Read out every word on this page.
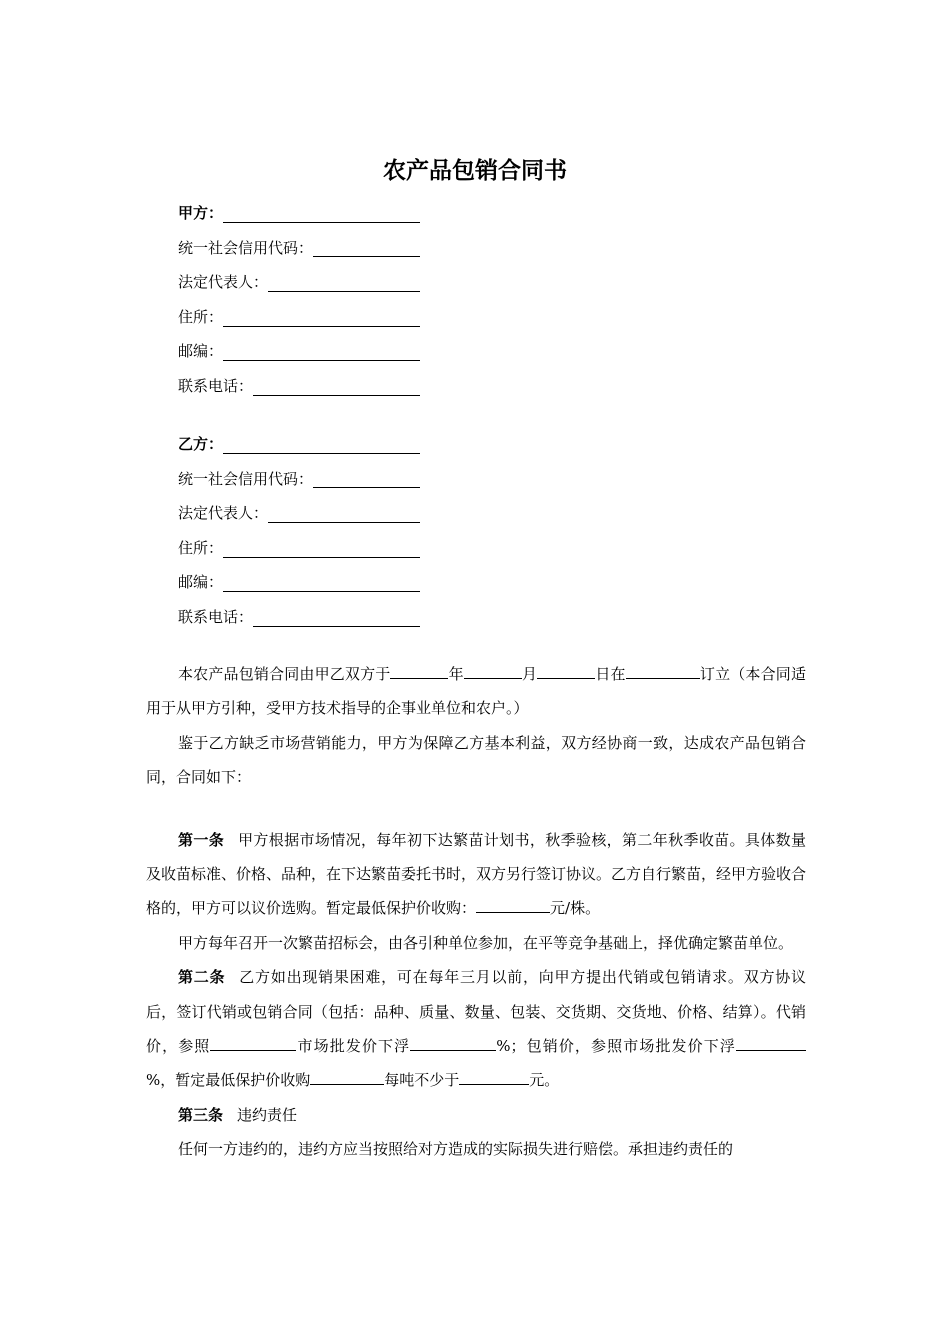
农产品包销合同书
甲方：
统一社会信用代码：
法定代表人：
住所：
邮编：
联系电话：
乙方：
统一社会信用代码：
法定代表人：
住所：
邮编：
联系电话：

本农产品包销合同由甲乙双方于	年	月	日在	订立（本合同适用于从甲方引种，受甲方技术指导的企事业单位和农户。）

鉴于乙方缺乏市场营销能力，甲方为保障乙方基本利益，双方经协商一致，达成农产品包销合同，合同如下：

第一条 甲方根据市场情况，每年初下达繁苗计划书，秋季验核，第二年秋季收苗。具体数量及收苗标准、价格、品种，在下达繁苗委托书时，双方另行签订协议。乙方自行繁苗，经甲方验收合格的，甲方可以议价选购。暂定最低保护价收购：	元/株。

甲方每年召开一次繁苗招标会，由各引种单位参加，在平等竞争基础上，择优确定繁苗单位。

第二条 乙方如出现销果困难，可在每年三月以前，向甲方提出代销或包销请求。双方协议后，签订代销或包销合同（包括：品种、质量、数量、包装、交货期、交货地、价格、结算）。代销价，参照	市场批发价下浮	%；包销价，参照市场批发价下浮%，暂定最低保护价收购	每吨不少于	元。

第三条 违约责任

任何一方违约的，违约方应当按照给对方造成的实际损失进行赔偿。承担违约责任的
